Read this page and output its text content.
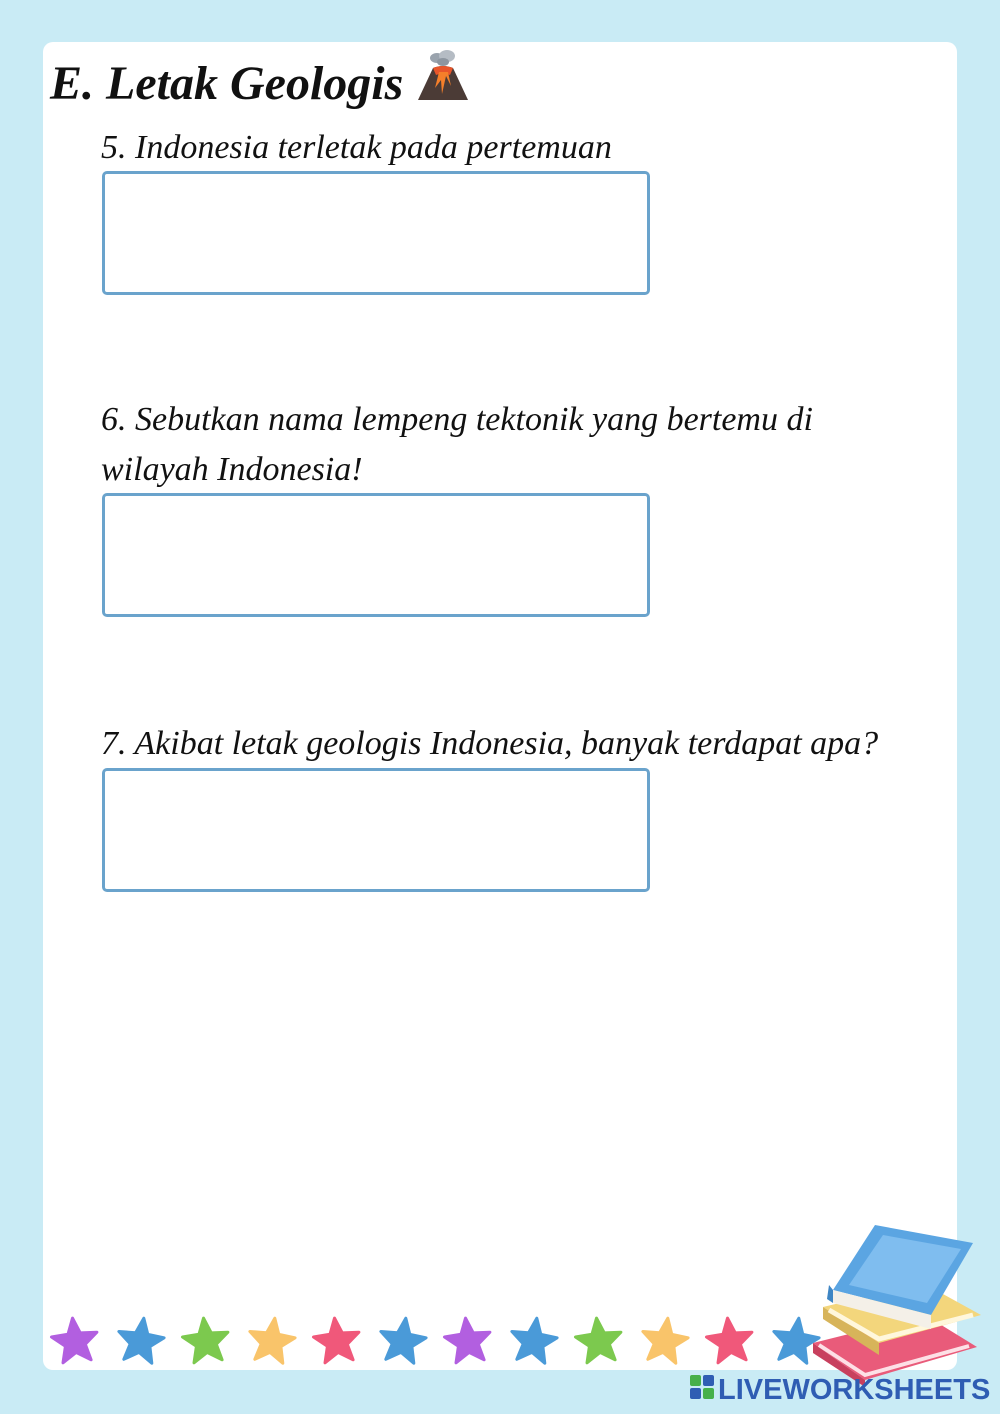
E. Letak Geologis

5. Indonesia terletak pada pertemuan

6. Sebutkan nama lempeng tektonik yang bertemu di wilayah Indonesia!

7. Akibat letak geologis Indonesia, banyak terdapat apa?

LIVEWORKSHEETS
